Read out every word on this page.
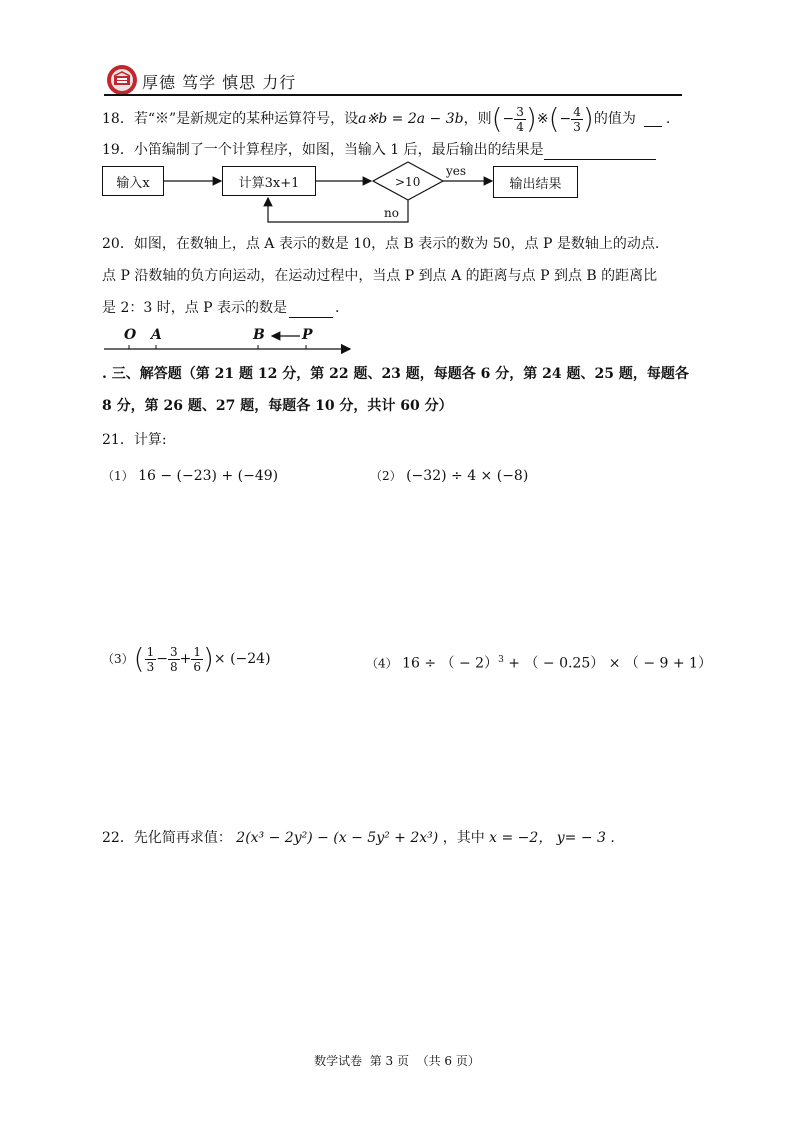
厚德 笃学 慎思 力行
18． 若“※”是新规定的某种运算符号，设 a※b = 2a − 3b ，则 ( − $\frac{3}{4}$ ) ※ ( − $\frac{4}{3}$ ) 的值为 .
19． 小笛编制了一个计算程序，如图，当输入 1 后，最后输出的结果是
输入x	计算3x+1	输出结果
>10
yes
no
20．如图，在数轴上，点 A 表示的数是 10，点 B 表示的数为 50，点 P 是数轴上的动点.
点 P 沿数轴的负方向运动，在运动过程中，当点 P 到点 A 的距离与点 P 到点 B 的距离比
是 2：3 时，点 P 表示的数是	.
O A	B	P
. 三、解答题（第 21 题 12 分，第 22 题、23 题，每题各 6 分，第 24 题、25 题，每题各
8 分，第 26 题、27 题，每题各 10 分，共计 60 分）
21．计算:
（1） 16 − (−23) + (−49)	（2） (−32) ÷ 4 × (−8)
（3） ( $\frac{1}{3} - \frac{3}{8} + \frac{1}{6}$ ) × (−24)	（4） 16 ÷ （ − 2）$^3$ + （ − 0.25） × （ − 9 + 1）
22．先化简再求值： 2(x³ − 2y²) − (x − 5y² + 2x³) ，其中 x = −2， y= − 3 .
数学试卷  第 3 页  （共 6 页）
